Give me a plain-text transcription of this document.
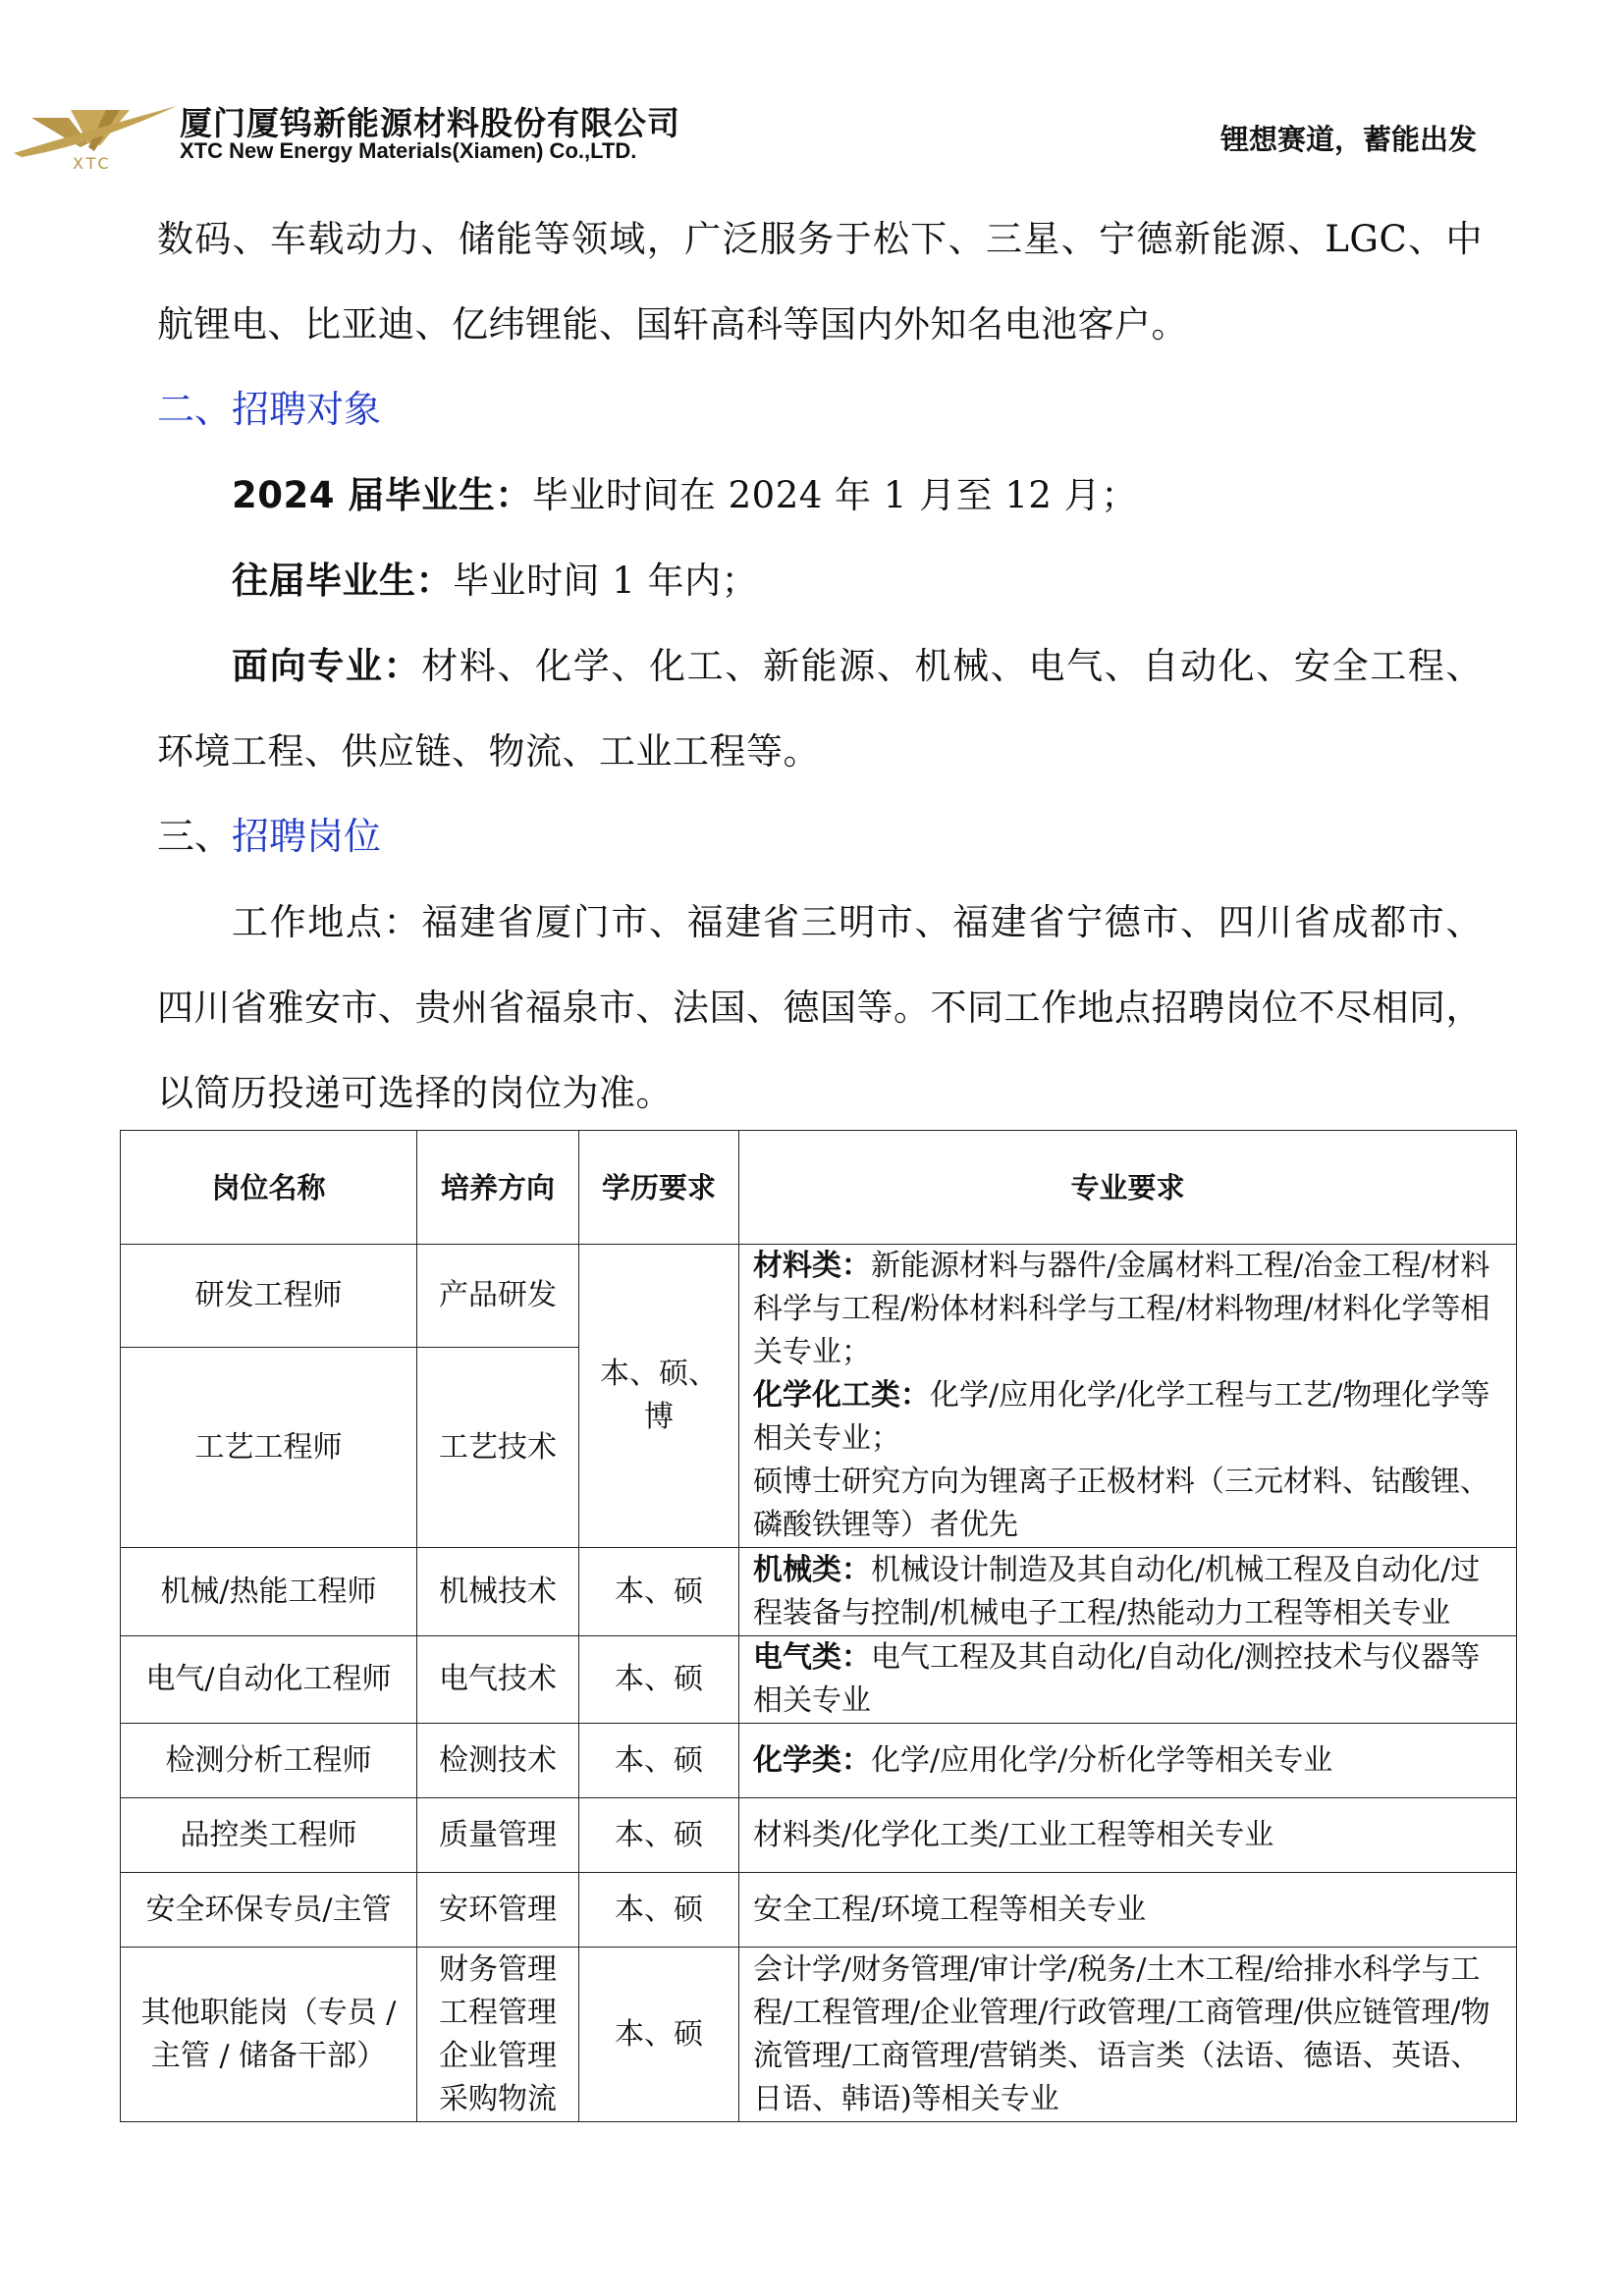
XTC
厦门厦钨新能源材料股份有限公司
XTC New Energy Materials(Xiamen) Co.,LTD.	锂想赛道，蓄能出发

数码、车载动力、储能等领域，广泛服务于松下、三星、宁德新能源、LGC、中航锂电、比亚迪、亿纬锂能、国轩高科等国内外知名电池客户。

二、招聘对象

2024 届毕业生：毕业时间在 2024 年 1 月至 12 月；

往届毕业生：毕业时间 1 年内；

面向专业：材料、化学、化工、新能源、机械、电气、自动化、安全工程、环境工程、供应链、物流、工业工程等。

三、招聘岗位

工作地点：福建省厦门市、福建省三明市、福建省宁德市、四川省成都市、四川省雅安市、贵州省福泉市、法国、德国等。不同工作地点招聘岗位不尽相同，以简历投递可选择的岗位为准。

岗位名称	培养方向	学历要求	专业要求
研发工程师	产品研发	本、硕、博	材料类：新能源材料与器件/金属材料工程/冶金工程/材料科学与工程/粉体材料科学与工程/材料物理/材料化学等相关专业；
化学化工类：化学/应用化学/化学工程与工艺/物理化学等相关专业；
硕博士研究方向为锂离子正极材料（三元材料、钴酸锂、磷酸铁锂等）者优先

工艺工程师	工艺技术		
机械/热能工程师	机械技术	本、硕	机械类：机械设计制造及其自动化/机械工程及自动化/过程装备与控制/机械电子工程/热能动力工程等相关专业
电气/自动化工程师	电气技术	本、硕	电气类：电气工程及其自动化/自动化/测控技术与仪器等相关专业
检测分析工程师	检测技术	本、硕	化学类：化学/应用化学/分析化学等相关专业
品控类工程师	质量管理	本、硕	材料类/化学化工类/工业工程等相关专业
安全环保专员/主管	安环管理	本、硕	安全工程/环境工程等相关专业
其他职能岗（专员 / 主管 / 储备干部）	财务管理
工程管理
企业管理
采购物流	本、硕	会计学/财务管理/审计学/税务/土木工程/给排水科学与工程/工程管理/企业管理/行政管理/工商管理/供应链管理/物流管理/工商管理/营销类、语言类（法语、德语、英语、日语、韩语)等相关专业
